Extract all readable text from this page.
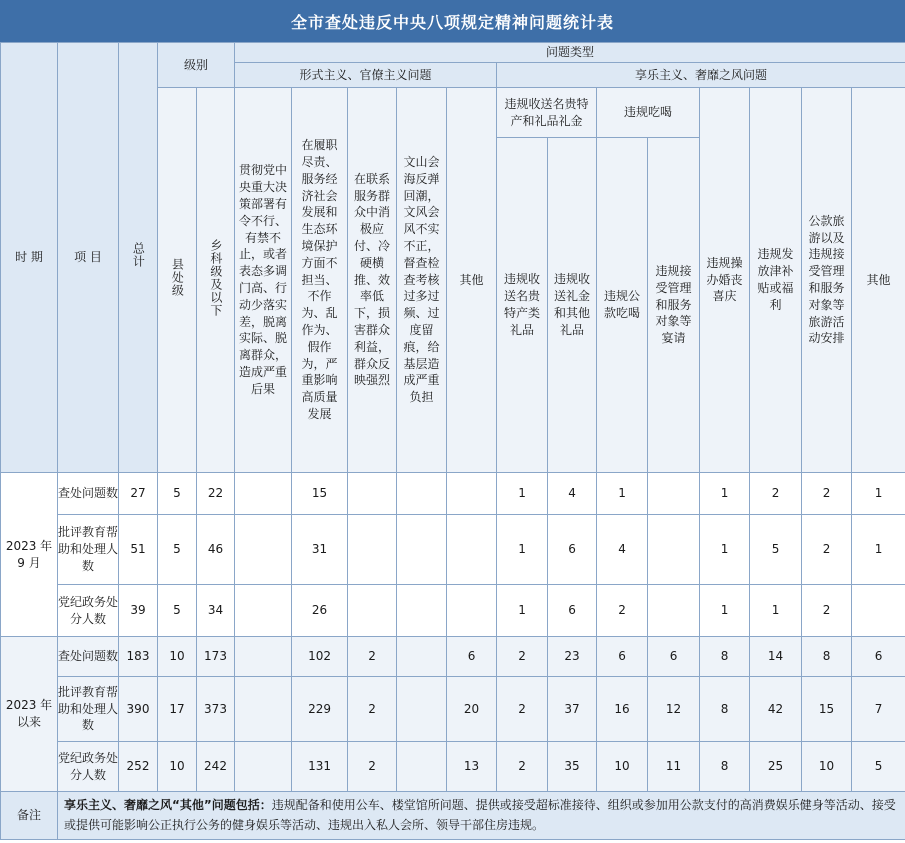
全市查处违反中央八项规定精神问题统计表
时 期	项 目	总计	级别		问题类型												
					形式主义、官僚主义问题					享乐主义、奢靡之风问题							
			县处级	乡科级及以下	贯彻党中央重大决策部署有令不行、有禁不止，或者表态多调门高、行动少落实差，脱离实际、脱离群众，造成严重后果	在履职尽责、服务经济社会发展和生态环境保护方面不担当、不作为、乱作为、假作为，严重影响高质量发展	在联系服务群众中消极应付、冷硬横推、效率低下，损害群众利益，群众反映强烈	文山会海反弹回潮，文风会风不实不正，督查检查考核过多过频、过度留痕，给基层造成严重负担	其他	违规收送名贵特产和礼品礼金		违规吃喝		违规操办婚丧喜庆	违规发放津补贴或福利	公款旅游以及违规接受管理和服务对象等旅游活动安排	其他
										违规收送名贵特产类礼品	违规收送礼金和其他礼品	违规公款吃喝	违规接受管理和服务对象等宴请				

2023 年 9 月	查处问题数	27	5	22		15				1	4	1		1	2	2	1
	批评教育帮助和处理人数	51	5	46		31				1	6	4		1	5	2	1
	党纪政务处分人数	39	5	34		26				1	6	2		1	1	2	
2023 年以来	查处问题数	183	10	173		102	2		6	2	23	6	6	8	14	8	6
	批评教育帮助和处理人数	390	17	373		229	2		20	2	37	16	12	8	42	15	7
	党纪政务处分人数	252	10	242		131	2		13	2	35	10	11	8	25	10	5
备注	享乐主义、奢靡之风“其他”问题包括：违规配备和使用公车、楼堂馆所问题、提供或接受超标准接待、组织或参加用公款支付的高消费娱乐健身等活动、接受或提供可能影响公正执行公务的健身娱乐等活动、违规出入私人会所、领导干部住房违规。																
